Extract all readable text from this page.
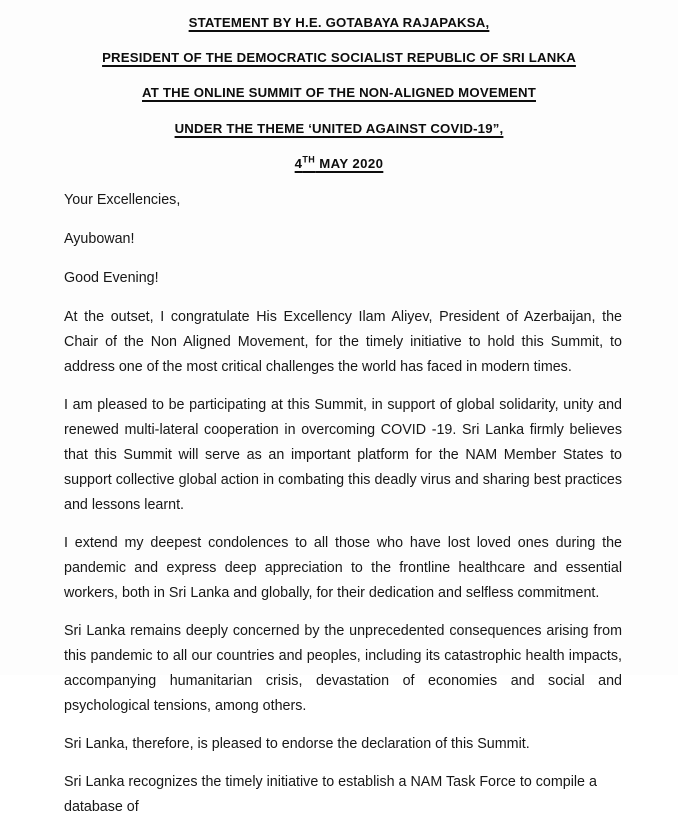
STATEMENT BY H.E. GOTABAYA RAJAPAKSA,
PRESIDENT OF THE DEMOCRATIC SOCIALIST REPUBLIC OF SRI LANKA
AT THE ONLINE SUMMIT OF THE NON-ALIGNED MOVEMENT
UNDER THE THEME ‘UNITED AGAINST COVID-19”,
4TH MAY 2020

Your Excellencies,

Ayubowan!

Good Evening!

At the outset, I congratulate His Excellency Ilam Aliyev, President of Azerbaijan, the Chair of the Non Aligned Movement, for the timely initiative to hold this Summit, to address one of the most critical challenges the world has faced in modern times.

I am pleased to be participating at this Summit, in support of global solidarity, unity and renewed multi-lateral cooperation in overcoming COVID -19. Sri Lanka firmly believes that this Summit will serve as an important platform for the NAM Member States to support collective global action in combating this deadly virus and sharing best practices and lessons learnt.

I extend my deepest condolences to all those who have lost loved ones during the pandemic and express deep appreciation to the frontline healthcare and essential workers, both in Sri Lanka and globally, for their dedication and selfless commitment.

Sri Lanka remains deeply concerned by the unprecedented consequences arising from this pandemic to all our countries and peoples, including its catastrophic health impacts, accompanying humanitarian crisis, devastation of economies and social and psychological tensions, among others.

Sri Lanka, therefore, is pleased to endorse the declaration of this Summit.

Sri Lanka recognizes the timely initiative to establish a NAM Task Force to compile a database of
